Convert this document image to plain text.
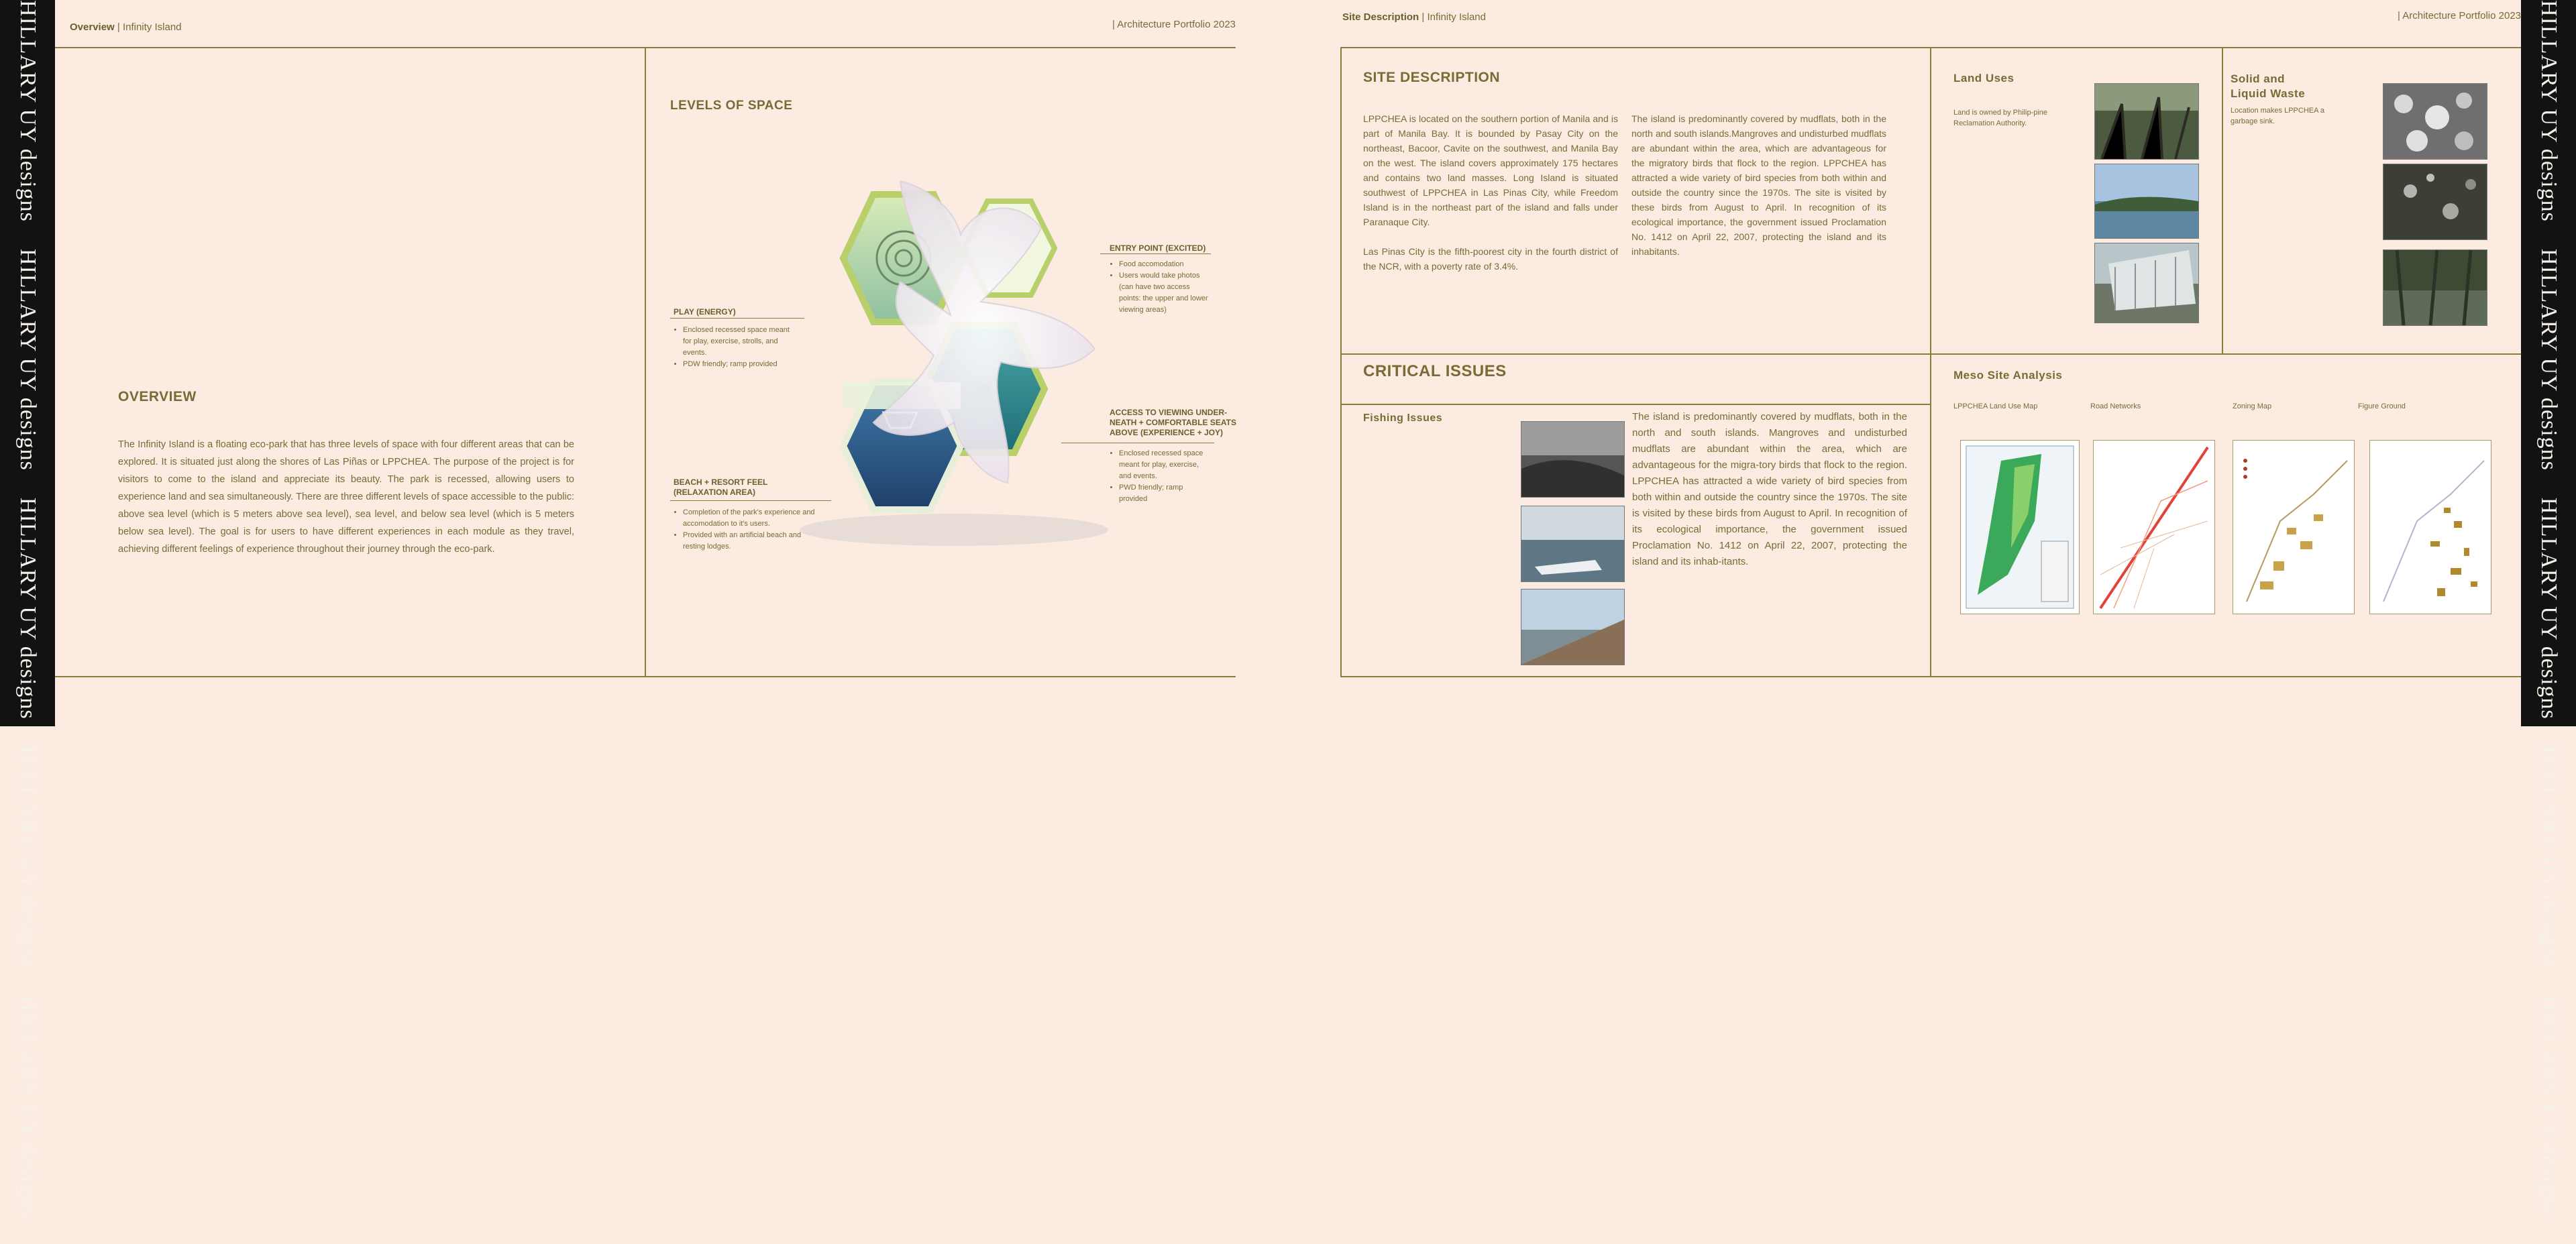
HILLARY UY designsHILLARY UY designsHILLARY UY designsHILLARY UY designsHILLARY UY designs
Overview | Infinity Island	| Architecture Portfolio 2023
OVERVIEW
The Infinity Island is a floating eco-park that has three levels of space with four different areas that can be explored. It is situated just along the shores of Las Piñas or LPPCHEA. The purpose of the project is for visitors to come to the island and appreciate its beauty. The park is recessed, allowing users to experience land and sea simultaneously. There are three different levels of space accessible to the public: above sea level (which is 5 meters above sea level), sea level, and below sea level (which is 5 meters below sea level). The goal is for users to have different experiences in each module as they travel, achieving different feelings of experience throughout their journey through the eco-park.
LEVELS OF SPACE
ENTRY POINT (EXCITED)
• Food accomodation
• Users would take photos (can have two access points: the upper and lower viewing areas)
PLAY (ENERGY)
• Enclosed recessed space meant for play, exercise, strolls, and events.
• PDW friendly; ramp provided
ACCESS TO VIEWING UNDER-NEATH + COMFORTABLE SEATS ABOVE (EXPERIENCE + JOY)
• Enclosed recessed space meant for play, exercise, and events.
• PWD friendly; ramp provided
BEACH + RESORT FEEL (RELAXATION AREA)
• Completion of the park's experience and accomodation to it's users.
• Provided with an artificial beach and resting lodges.
Site Description | Infinity Island	| Architecture Portfolio 2023
SITE DESCRIPTION
LPPCHEA is located on the southern portion of Manila and is part of Manila Bay. It is bounded by Pasay City on the northeast, Bacoor, Cavite on the southwest, and Manila Bay on the west. The island covers approximately 175 hectares and contains two land masses. Long Island is situated southwest of LPPCHEA in Las Pinas City, while Freedom Island is in the northeast part of the island and falls under Paranaque City.
Las Pinas City is the fifth-poorest city in the fourth district of the NCR, with a poverty rate of 3.4%.
The island is predominantly covered by mudflats, both in the north and south islands.Mangroves and undisturbed mudflats are abundant within the area, which are advantageous for the migratory birds that flock to the region. LPPCHEA has attracted a wide variety of bird species from both within and outside the country since the 1970s. The site is visited by these birds from August to April. In recognition of its ecological importance, the government issued Proclamation No. 1412 on April 22, 2007, protecting the island and its inhabitants.
Land Uses
Land is owned by Philip-pine Reclamation Authority.
Solid and
Liquid Waste
Location makes LPPCHEA a garbage sink.
CRITICAL ISSUES
Fishing Issues	The island is predominantly covered by mudflats, both in the north and south islands. Mangroves and undisturbed mudflats are abundant within the area, which are advantageous for the migra-tory birds that flock to the region. LPPCHEA has attracted a wide variety of bird species from both within and outside the country since the 1970s. The site is visited by these birds from August to April. In recognition of its ecological importance, the government issued Proclamation No. 1412 on April 22, 2007, protecting the island and its inhab-itants.
Meso Site Analysis
LPPCHEA Land Use Map	Road Networks	Zoning Map	Figure Ground
HILLARY UY designsHILLARY UY designsHILLARY UY designsHILLARY UY designsHILLARY UY designs
